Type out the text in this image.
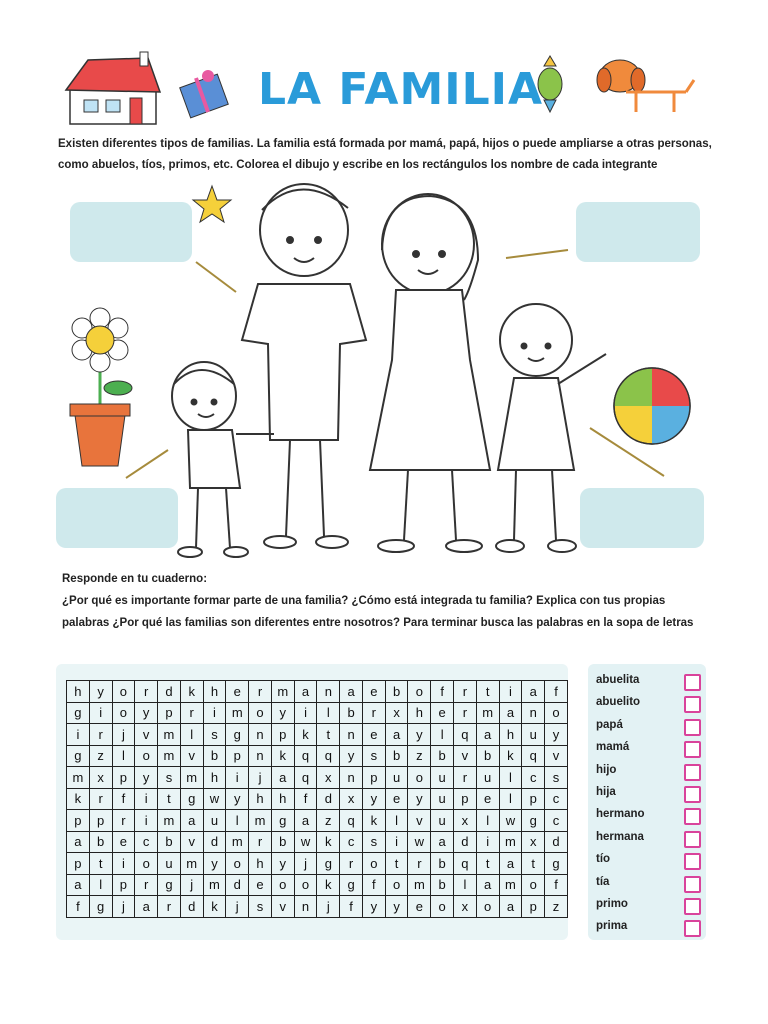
LA FAMILIA
Existen diferentes tipos de familias. La familia está formada por mamá, papá, hijos o puede ampliarse a otras personas, como abuelos, tíos, primos, etc. Colorea el dibujo y escribe en los rectángulos los nombre de cada integrante
Responde en tu cuaderno:
¿Por qué es importante formar parte de una familia? ¿Cómo está integrada tu familia? Explica con tus propias palabras ¿Por qué las familias son diferentes entre nosotros? Para terminar busca las palabras en la sopa de letras
h	y	o	r	d	k	h	e	r	m	a	n	a	e	b	o	f	r	t	i	a	f
g	i	o	y	p	r	i	m	o	y	i	l	b	r	x	h	e	r	m	a	n	o
i	r	j	v	m	l	s	g	n	p	k	t	n	e	a	y	l	q	a	h	u	y
g	z	l	o	m	v	b	p	n	k	q	q	y	s	b	z	b	v	b	k	q	v
m	x	p	y	s	m	h	i	j	a	q	x	n	p	u	o	u	r	u	l	c	s
k	r	f	i	t	g	w	y	h	h	f	d	x	y	e	y	u	p	e	l	p	c
p	p	r	i	m	a	u	l	m	g	a	z	q	k	l	v	u	x	l	w	g	c
a	b	e	c	b	v	d	m	r	b	w	k	c	s	i	w	a	d	i	m	x	d
p	t	i	o	u	m	y	o	h	y	j	g	r	o	t	r	b	q	t	a	t	g
a	l	p	r	g	j	m	d	e	o	o	k	g	f	o	m	b	l	a	m	o	f
f	g	j	a	r	d	k	j	s	v	n	j	f	y	y	e	o	x	o	a	p	z
abuelita
abuelito
papá
mamá
hijo
hija
hermano
hermana
tío
tía
primo
prima
